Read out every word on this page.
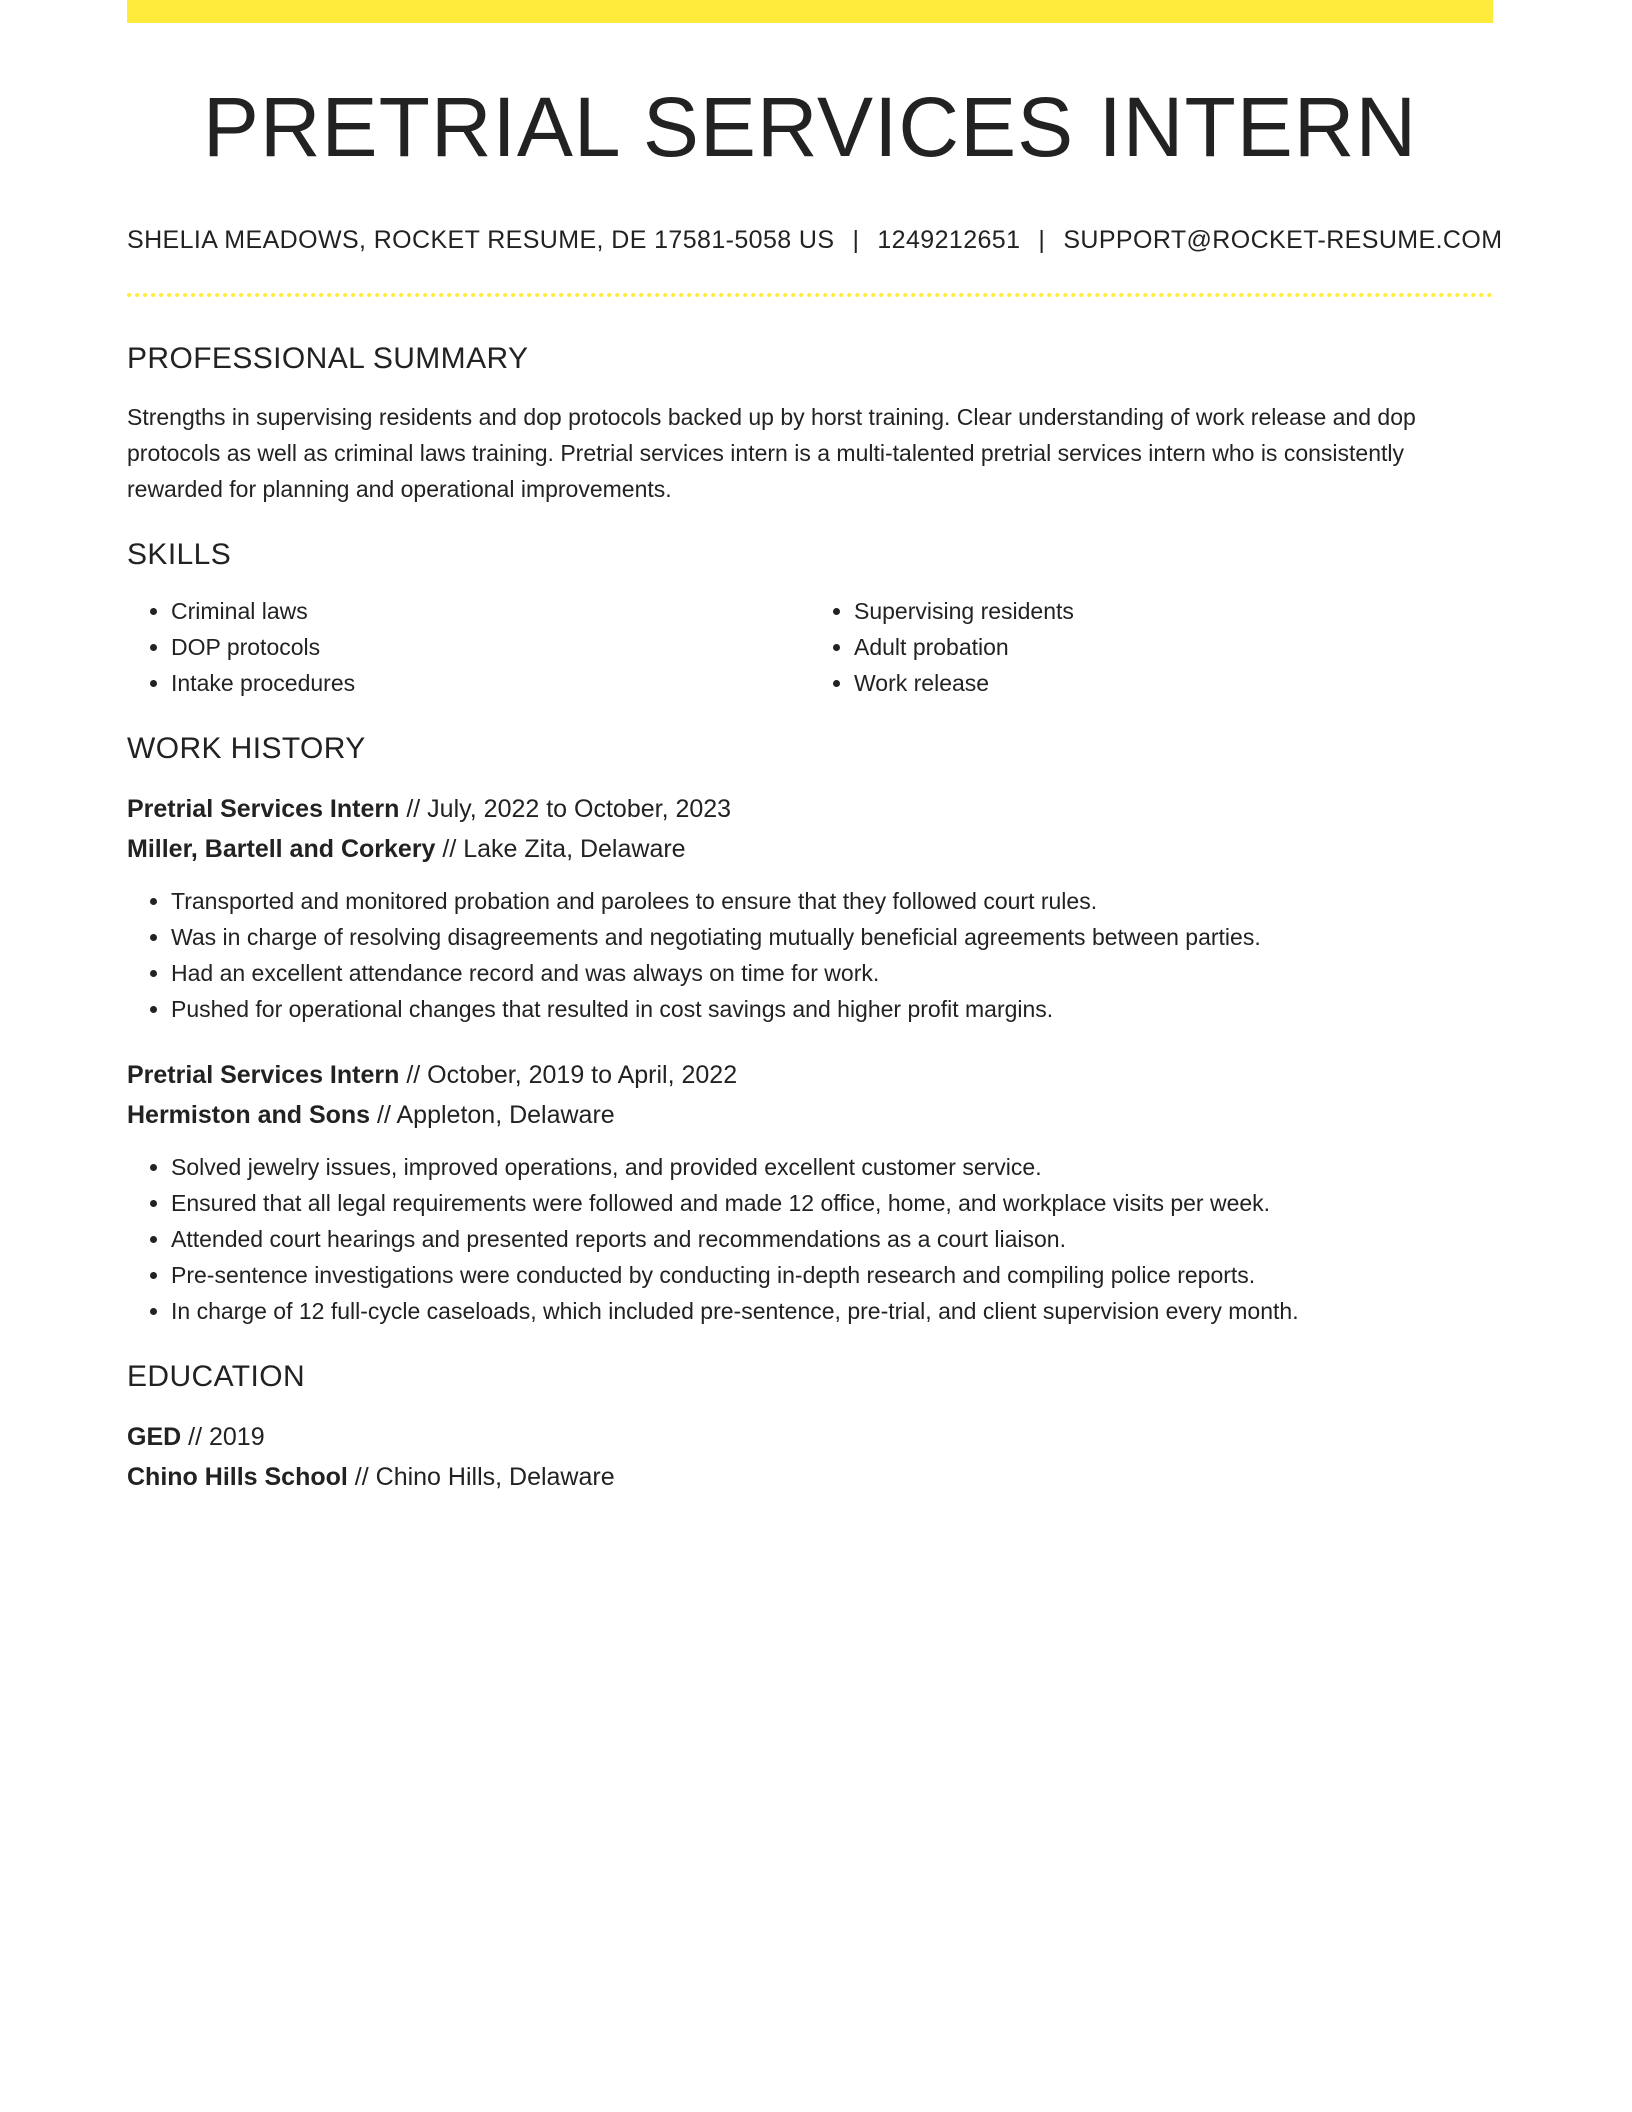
PRETRIAL SERVICES INTERN
SHELIA MEADOWS, ROCKET RESUME, DE 17581-5058 US | 1249212651 | SUPPORT@ROCKET-RESUME.COM
PROFESSIONAL SUMMARY

Strengths in supervising residents and dop protocols backed up by horst training. Clear understanding of work release and dop protocols as well as criminal laws training. Pretrial services intern is a multi-talented pretrial services intern who is consistently rewarded for planning and operational improvements.

SKILLS
• Criminal laws
• DOP protocols
• Intake procedures
• Supervising residents
• Adult probation
• Work release
WORK HISTORY
Pretrial Services Intern // July, 2022 to October, 2023
Miller, Bartell and Corkery // Lake Zita, Delaware
• Transported and monitored probation and parolees to ensure that they followed court rules.
• Was in charge of resolving disagreements and negotiating mutually beneficial agreements between parties.
• Had an excellent attendance record and was always on time for work.
• Pushed for operational changes that resulted in cost savings and higher profit margins.
Pretrial Services Intern // October, 2019 to April, 2022
Hermiston and Sons // Appleton, Delaware
• Solved jewelry issues, improved operations, and provided excellent customer service.
• Ensured that all legal requirements were followed and made 12 office, home, and workplace visits per week.
• Attended court hearings and presented reports and recommendations as a court liaison.
• Pre-sentence investigations were conducted by conducting in-depth research and compiling police reports.
• In charge of 12 full-cycle caseloads, which included pre-sentence, pre-trial, and client supervision every month.
EDUCATION
GED // 2019
Chino Hills School // Chino Hills, Delaware
